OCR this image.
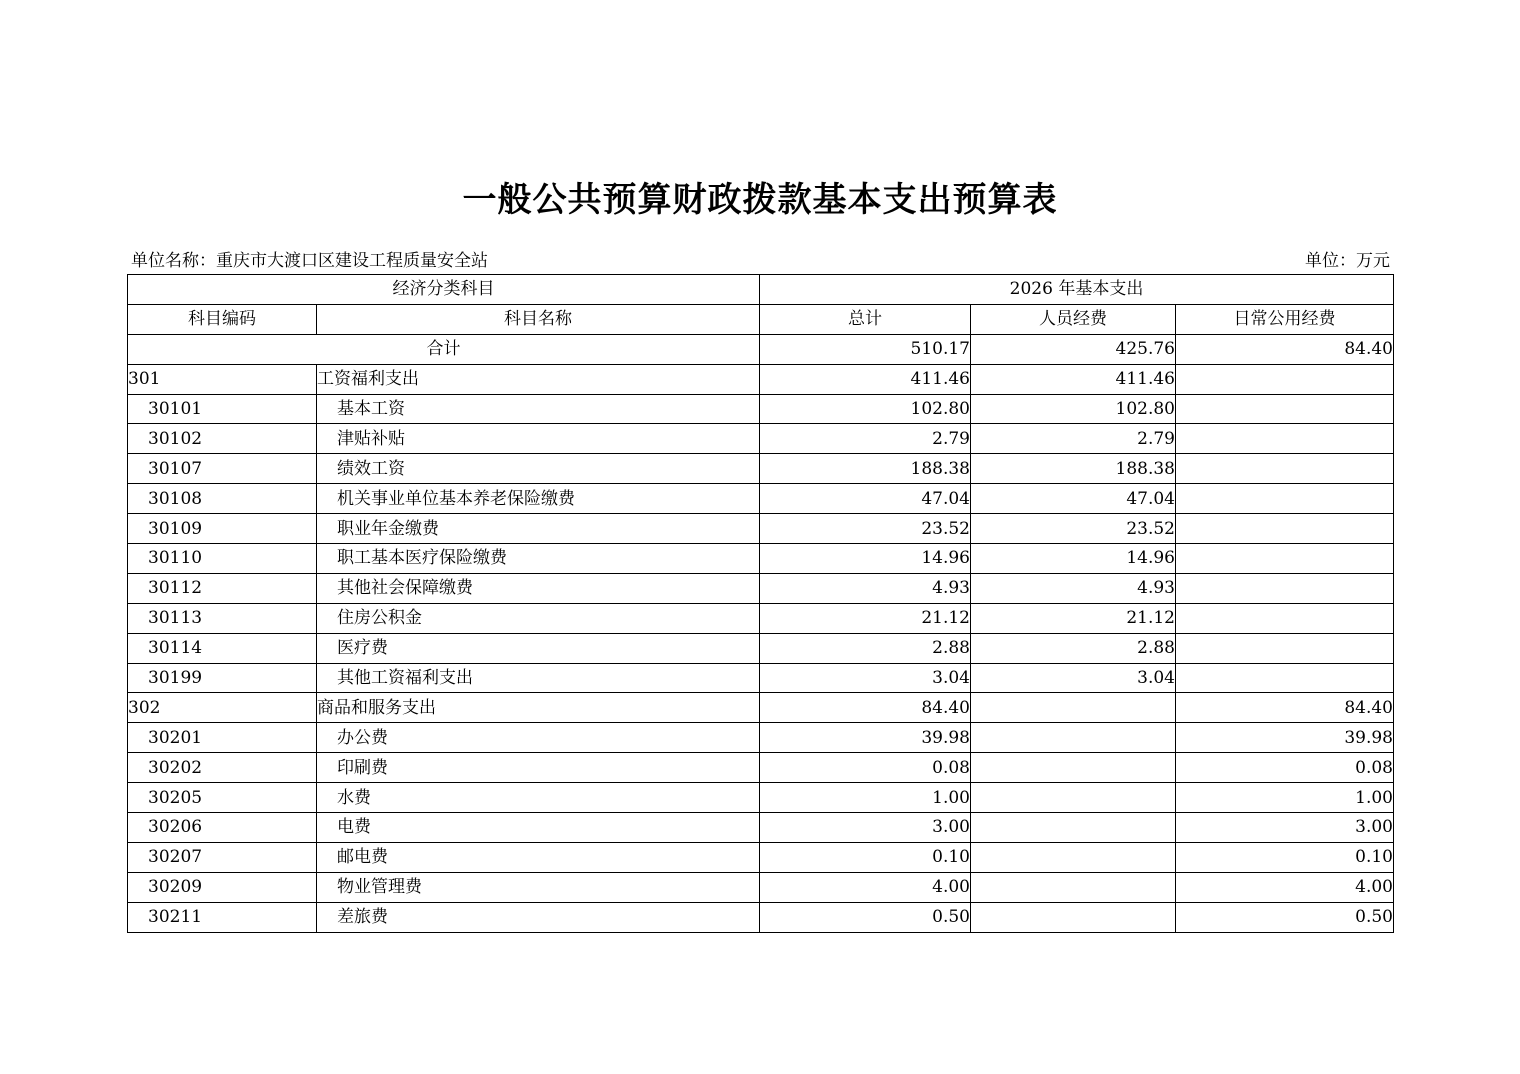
一般公共预算财政拨款基本支出预算表
单位名称：重庆市大渡口区建设工程质量安全站	单位：万元
经济分类科目		2026 年基本支出		
科目编码	科目名称	总计	人员经费	日常公用经费
合计		510.17	425.76	84.40
301	工资福利支出	411.46	411.46	
30101	基本工资	102.80	102.80	
30102	津贴补贴	2.79	2.79	
30107	绩效工资	188.38	188.38	
30108	机关事业单位基本养老保险缴费	47.04	47.04	
30109	职业年金缴费	23.52	23.52	
30110	职工基本医疗保险缴费	14.96	14.96	
30112	其他社会保障缴费	4.93	4.93	
30113	住房公积金	21.12	21.12	
30114	医疗费	2.88	2.88	
30199	其他工资福利支出	3.04	3.04	
302	商品和服务支出	84.40		84.40
30201	办公费	39.98		39.98
30202	印刷费	0.08		0.08
30205	水费	1.00		1.00
30206	电费	3.00		3.00
30207	邮电费	0.10		0.10
30209	物业管理费	4.00		4.00
30211	差旅费	0.50		0.50
